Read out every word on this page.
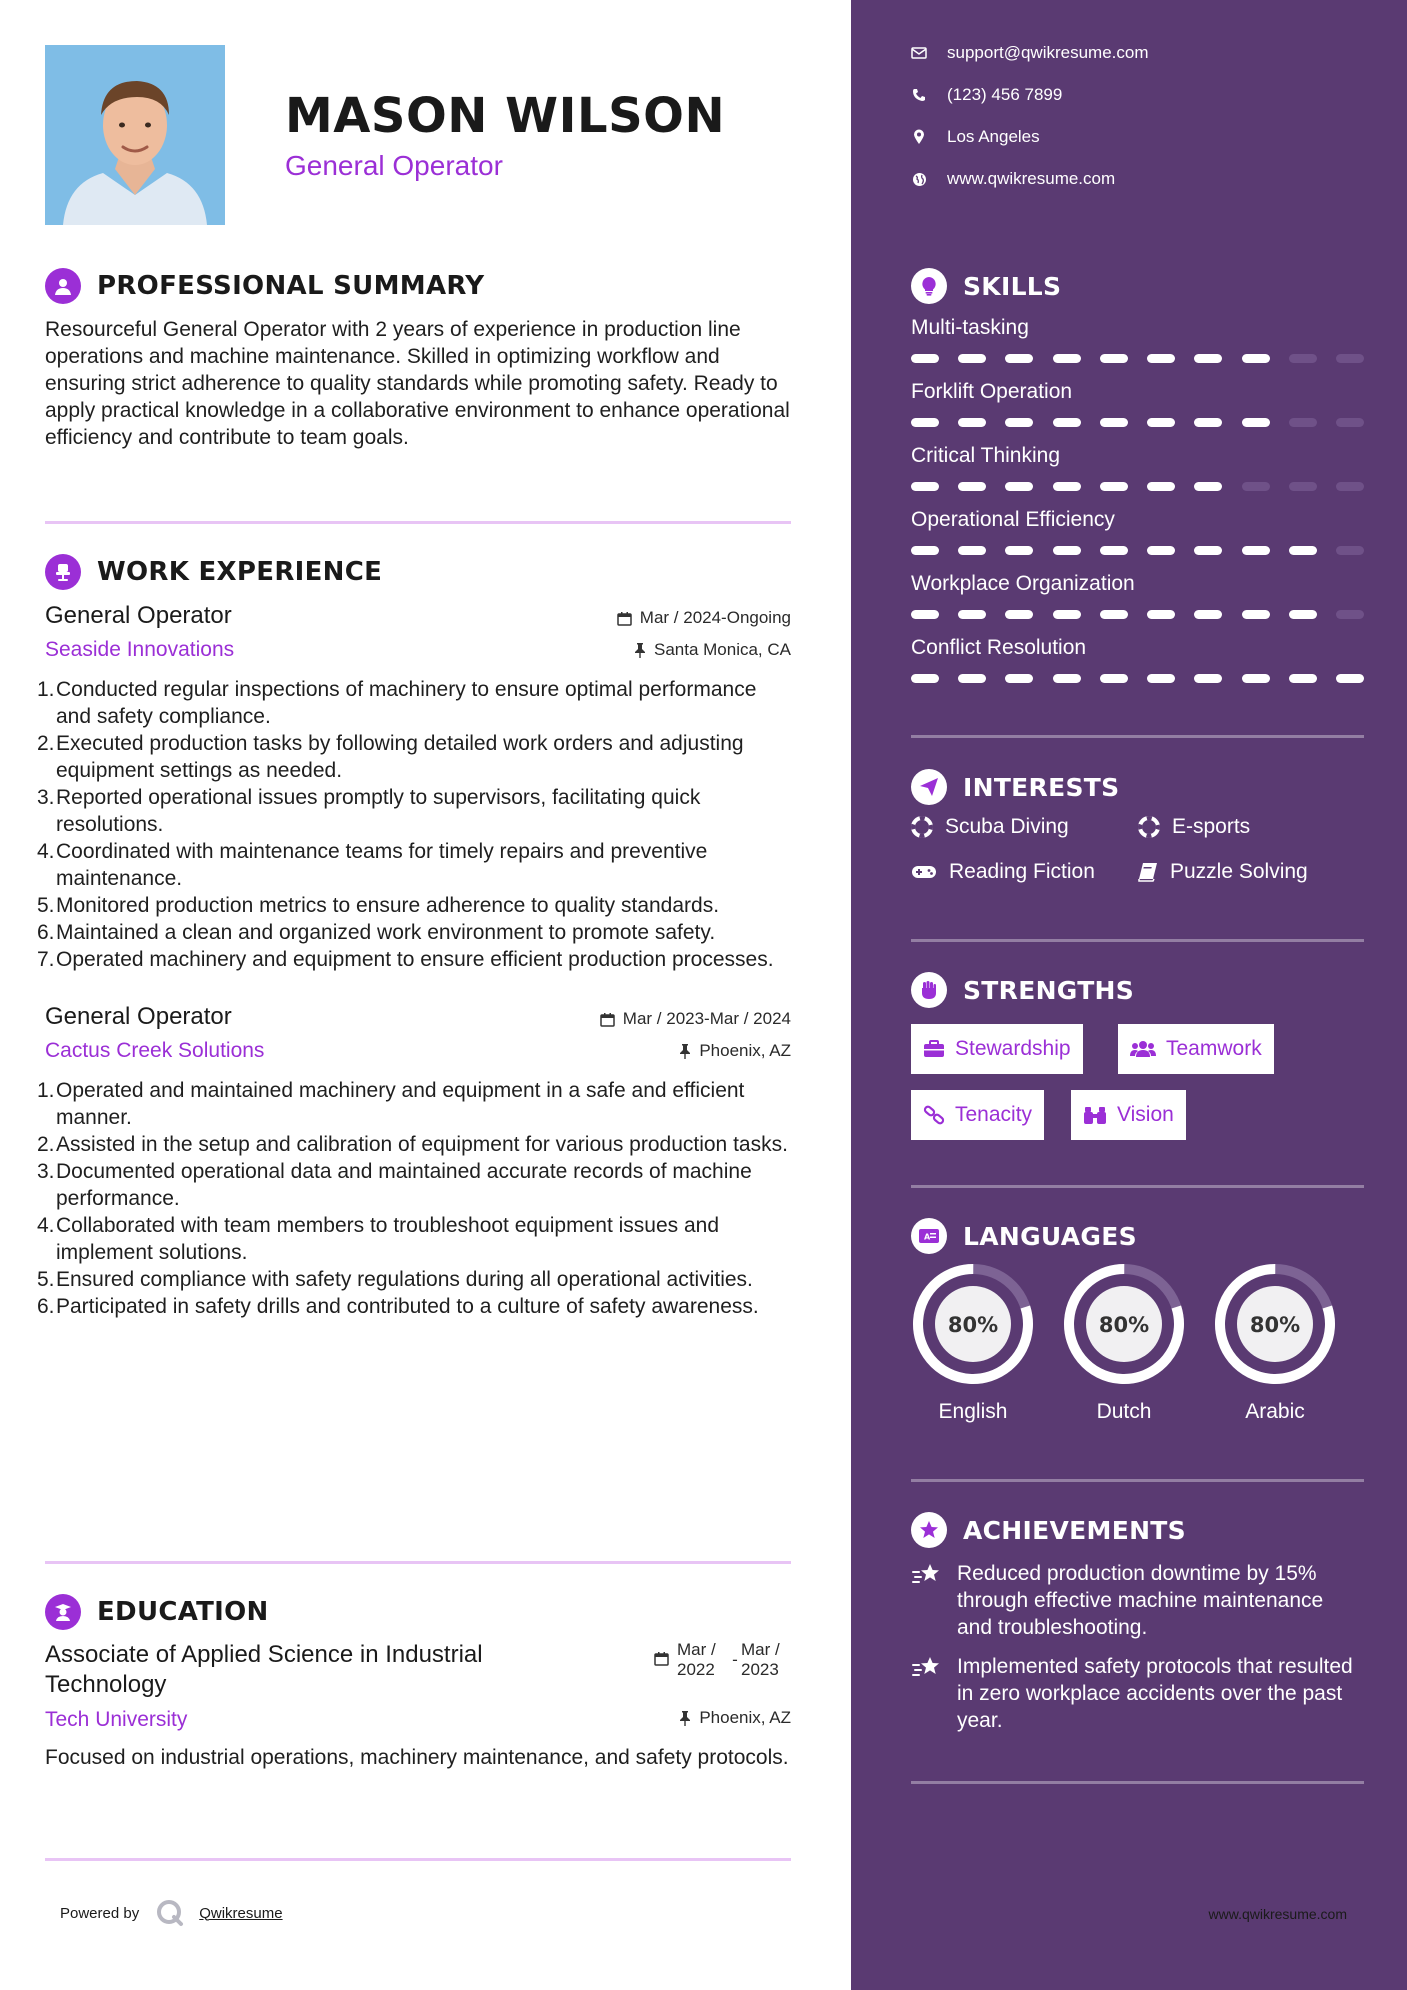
MASON WILSON
General Operator
PROFESSIONAL SUMMARY

Resourceful General Operator with 2 years of experience in production line operations and machine maintenance. Skilled in optimizing workflow and ensuring strict adherence to quality standards while promoting safety. Ready to apply practical knowledge in a collaborative environment to enhance operational efficiency and contribute to team goals.

WORK EXPERIENCE
General Operator
Seaside Innovations
Mar / 2024-Ongoing
Santa Monica, CA
1. Conducted regular inspections of machinery to ensure optimal performance and safety compliance.
2. Executed production tasks by following detailed work orders and adjusting equipment settings as needed.
3. Reported operational issues promptly to supervisors, facilitating quick resolutions.
4. Coordinated with maintenance teams for timely repairs and preventive maintenance.
5. Monitored production metrics to ensure adherence to quality standards.
6. Maintained a clean and organized work environment to promote safety.
7. Operated machinery and equipment to ensure efficient production processes.
General Operator
Cactus Creek Solutions
Mar / 2023-Mar / 2024
Phoenix, AZ
1. Operated and maintained machinery and equipment in a safe and efficient manner.
2. Assisted in the setup and calibration of equipment for various production tasks.
3. Documented operational data and maintained accurate records of machine performance.
4. Collaborated with team members to troubleshoot equipment issues and implement solutions.
5. Ensured compliance with safety regulations during all operational activities.
6. Participated in safety drills and contributed to a culture of safety awareness.
EDUCATION
Associate of Applied Science in Industrial Technology
Tech University
Mar / 2022
-
Mar / 2023
Phoenix, AZ

Focused on industrial operations, machinery maintenance, and safety protocols.

Powered by	Qwikresume
support@qwikresume.com
(123) 456 7899
Los Angeles
www.qwikresume.com
SKILLS
Multi-tasking
Forklift Operation
Critical Thinking
Operational Efficiency
Workplace Organization
Conflict Resolution
INTERESTS
Scuba Diving	E-sports
Reading Fiction	Puzzle Solving
STRENGTHS
Stewardship	Teamwork
Tenacity	Vision
A LANGUAGES
80%
English
80%
Dutch
80%
Arabic
ACHIEVEMENTS
Reduced production downtime by 15% through effective machine maintenance and troubleshooting.
Implemented safety protocols that resulted in zero workplace accidents over the past year.
www.qwikresume.com
